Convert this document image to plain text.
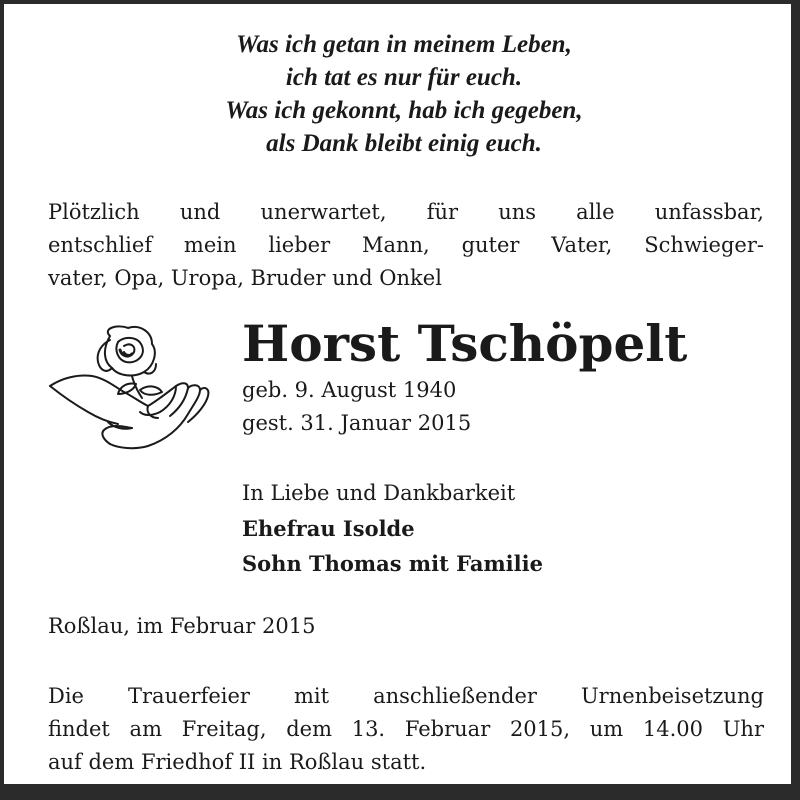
Was ich getan in meinem Leben,
ich tat es nur für euch.
Was ich gekonnt, hab ich gegeben,
als Dank bleibt einig euch.
Plötzlich und unerwartet, für uns alle unfassbar,
entschlief mein lieber Mann, guter Vater, Schwieger-
vater, Opa, Uropa, Bruder und Onkel
Horst Tschöpelt
geb. 9. August 1940
gest. 31. Januar 2015
In Liebe und Dankbarkeit
Ehefrau Isolde
Sohn Thomas mit Familie
Roßlau, im Februar 2015
Die Trauerfeier mit anschließender Urnenbeisetzung
findet am Freitag, dem 13. Februar 2015, um 14.00 Uhr
auf dem Friedhof II in Roßlau statt.
